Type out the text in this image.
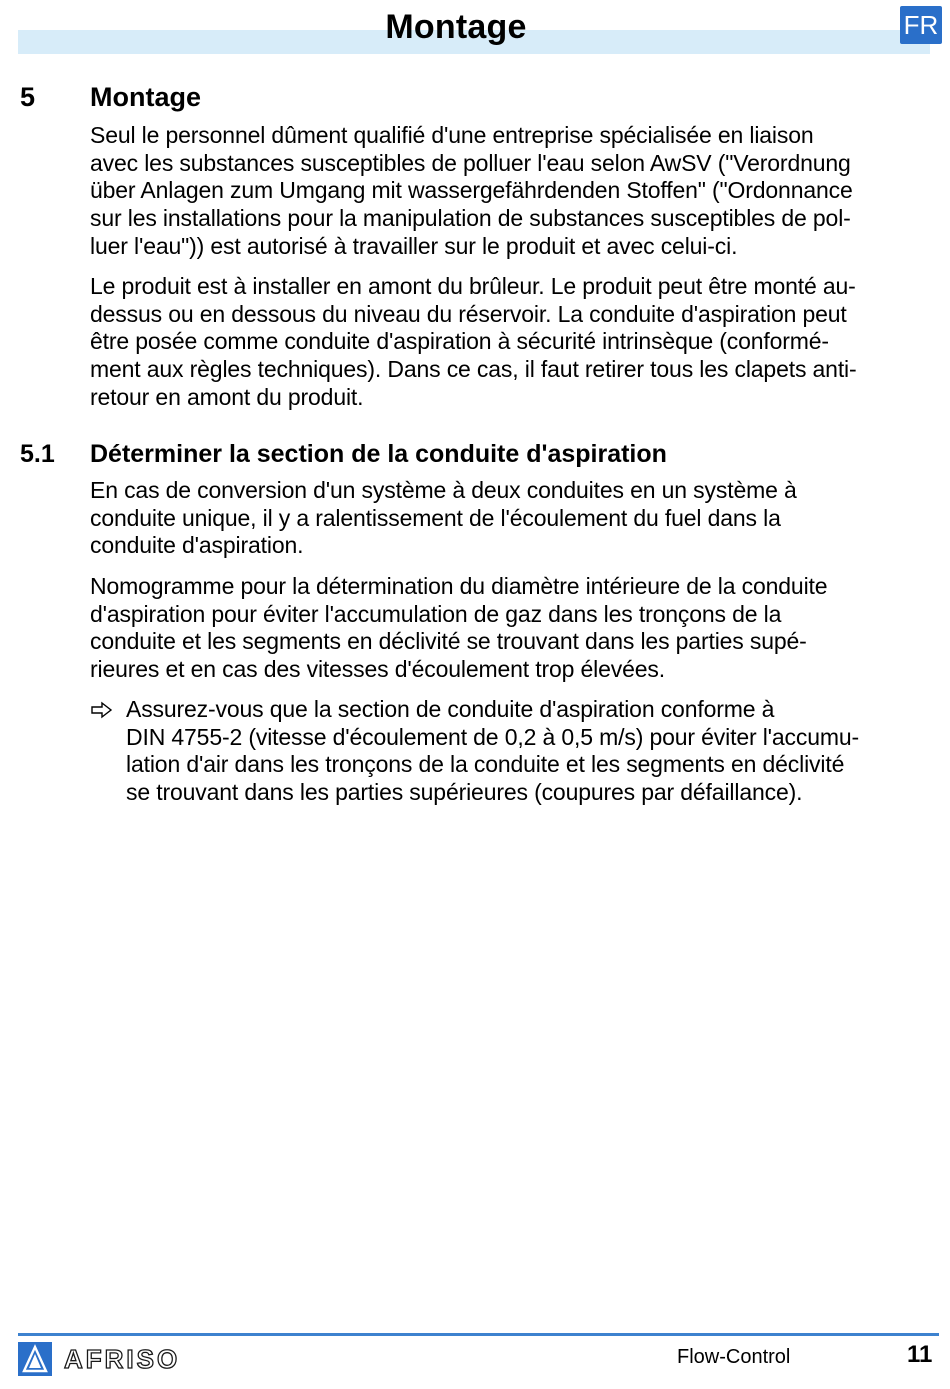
Montage	FR
5 Montage
Seul le personnel dûment qualifié d'une entreprise spécialisée en liaison
avec les substances susceptibles de polluer l'eau selon AwSV ("Verordnung
über Anlagen zum Umgang mit wassergefährdenden Stoffen" ("Ordonnance
sur les installations pour la manipulation de substances susceptibles de pol-
luer l'eau")) est autorisé à travailler sur le produit et avec celui-ci.
Le produit est à installer en amont du brûleur. Le produit peut être monté au-
dessus ou en dessous du niveau du réservoir. La conduite d'aspiration peut
être posée comme conduite d'aspiration à sécurité intrinsèque (conformé-
ment aux règles techniques). Dans ce cas, il faut retirer tous les clapets anti-
retour en amont du produit.
5.1 Déterminer la section de la conduite d'aspiration
En cas de conversion d'un système à deux conduites en un système à
conduite unique, il y a ralentissement de l'écoulement du fuel dans la
conduite d'aspiration.
Nomogramme pour la détermination du diamètre intérieure de la conduite
d'aspiration pour éviter l'accumulation de gaz dans les tronçons de la
conduite et les segments en déclivité se trouvant dans les parties supé-
rieures et en cas des vitesses d'écoulement trop élevées.
Assurez-vous que la section de conduite d'aspiration conforme à
DIN 4755-2 (vitesse d'écoulement de 0,2 à 0,5 m/s) pour éviter l'accumu-
lation d'air dans les tronçons de la conduite et les segments en déclivité
se trouvant dans les parties supérieures (coupures par défaillance).
AFRISO	Flow-Control	11
